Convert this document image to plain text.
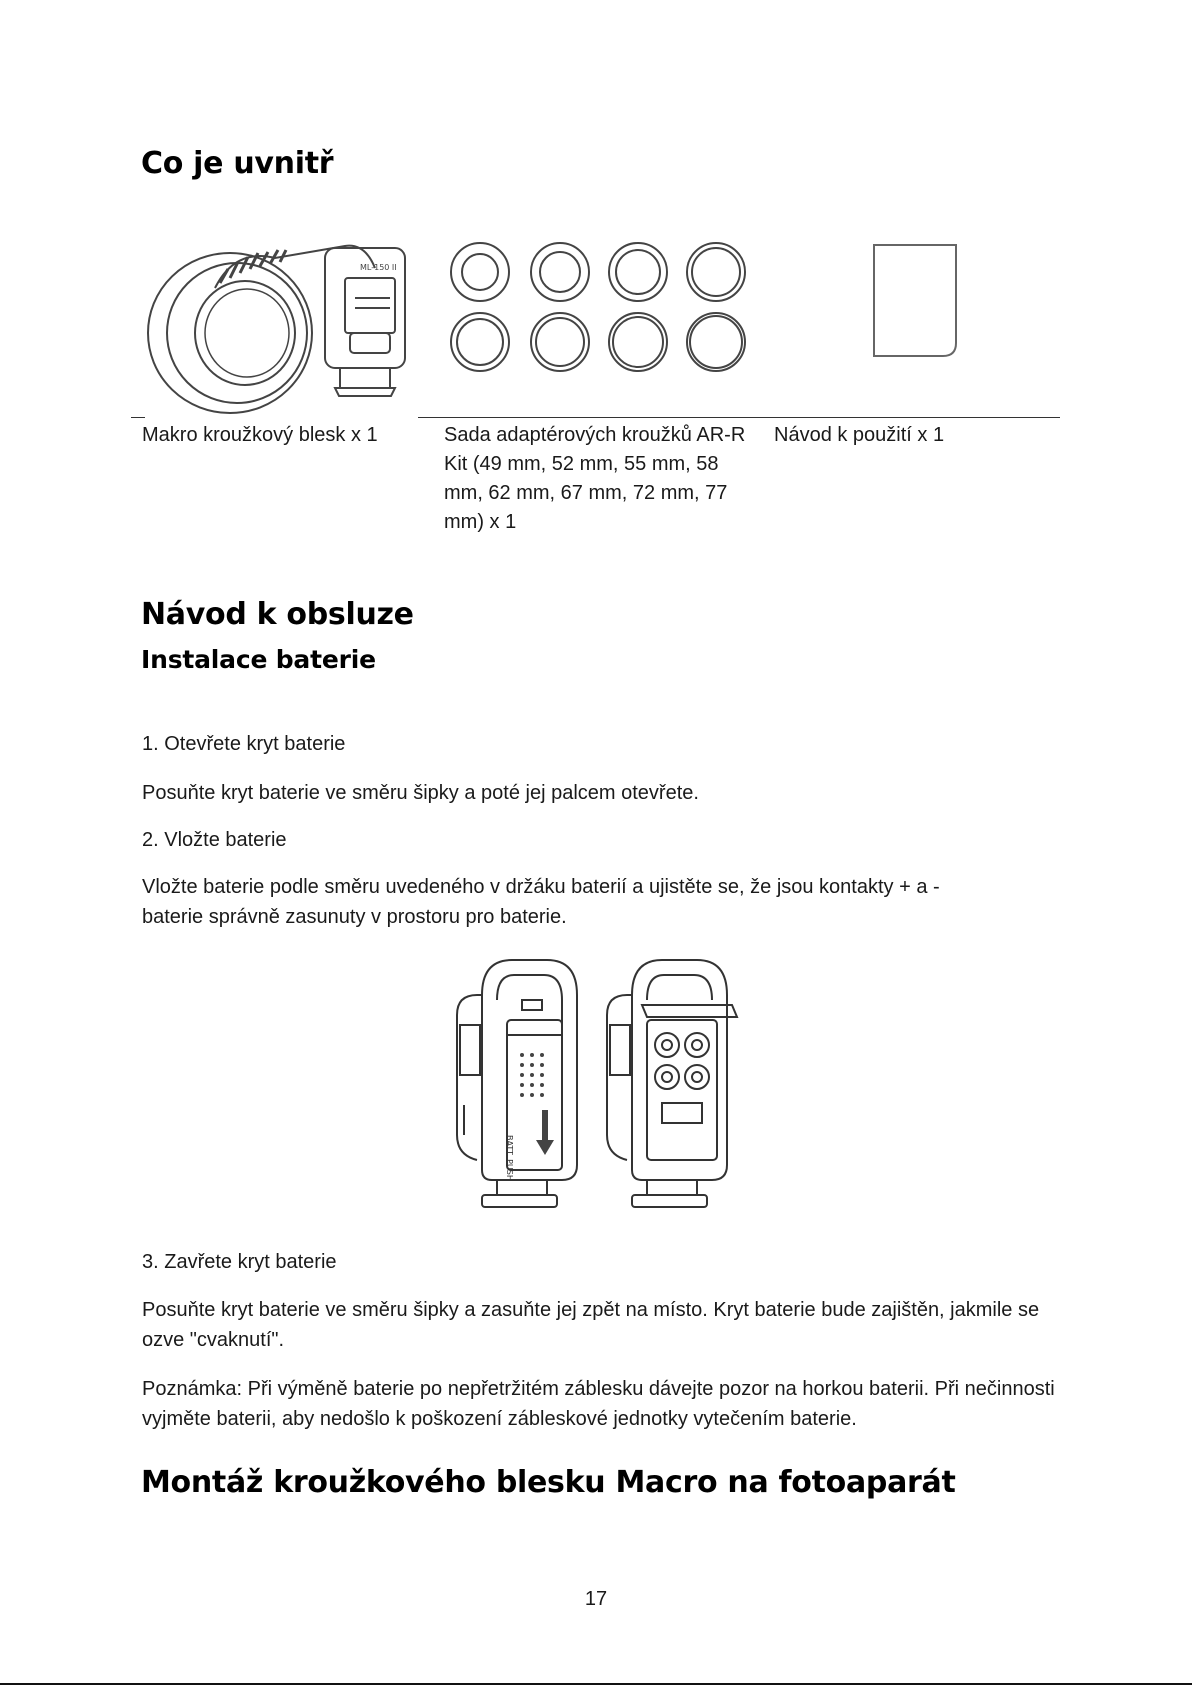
Co je uvnitř
ML-150 II
Makro kroužkový blesk x 1	Sada adaptérových kroužků AR-R Kit (49 mm, 52 mm, 55 mm, 58 mm, 62 mm, 67 mm, 72 mm, 77 mm) x 1
Návod k použití x 1
Návod k obsluze
Instalace baterie
1. Otevřete kryt baterie
Posuňte kryt baterie ve směru šipky a poté jej palcem otevřete.
2. Vložte baterie
Vložte baterie podle směru uvedeného v držáku baterií a ujistěte se, že jsou kontakty + a - baterie správně zasunuty v prostoru pro baterie.
BATT. PUSH
3. Zavřete kryt baterie
Posuňte kryt baterie ve směru šipky a zasuňte jej zpět na místo. Kryt baterie bude zajištěn, jakmile se ozve "cvaknutí".
Poznámka: Při výměně baterie po nepřetržitém záblesku dávejte pozor na horkou baterii. Při nečinnosti vyjměte baterii, aby nedošlo k poškození zábleskové jednotky vytečením baterie.
Montáž kroužkového blesku Macro na fotoaparát
17
